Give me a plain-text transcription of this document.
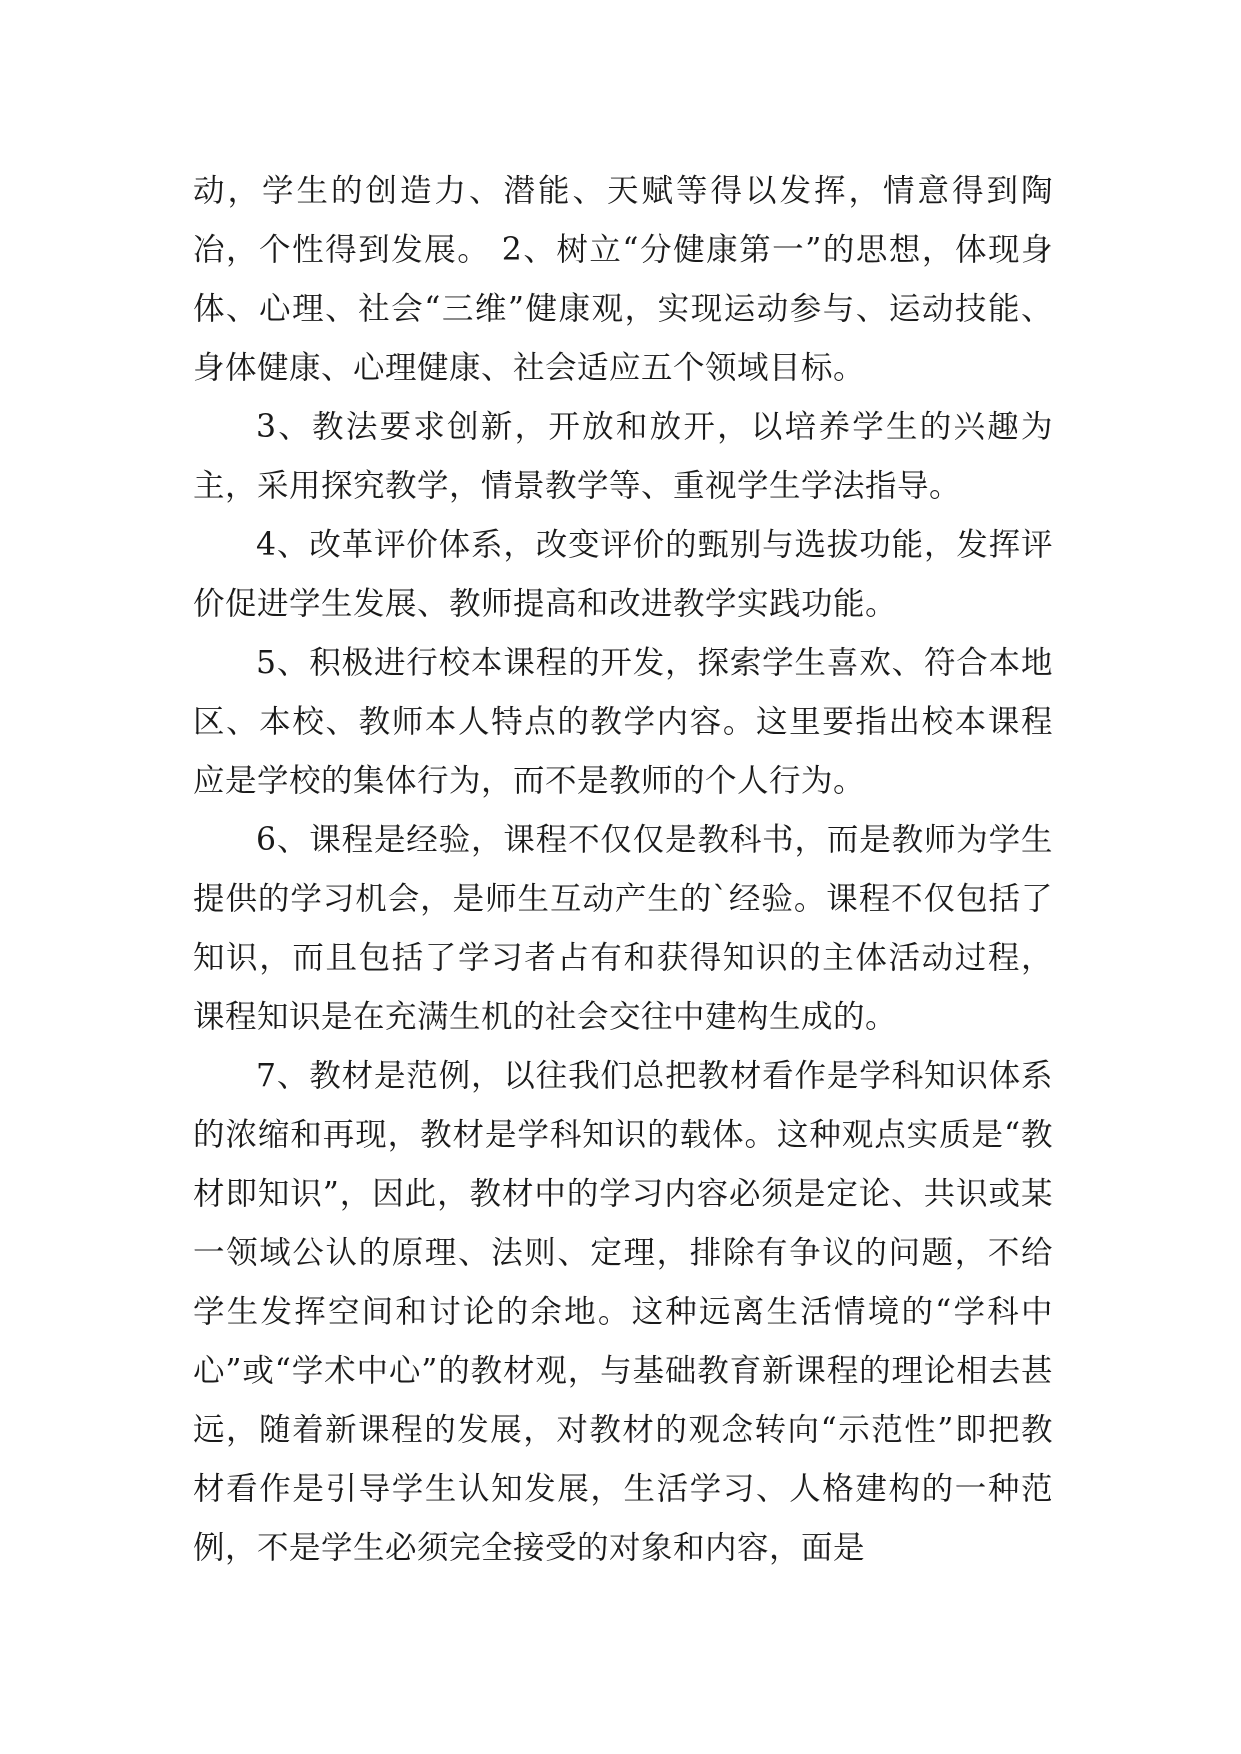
动，学生的创造力、潜能、天赋等得以发挥，情意得到陶冶，个性得到发展。 2、树立“分健康第一”的思想，体现身体、心理、社会“三维”健康观，实现运动参与、运动技能、身体健康、心理健康、社会适应五个领域目标。

3、教法要求创新，开放和放开，以培养学生的兴趣为主，采用探究教学，情景教学等、重视学生学法指导。

4、改革评价体系，改变评价的甄别与选拔功能，发挥评价促进学生发展、教师提高和改进教学实践功能。

5、积极进行校本课程的开发，探索学生喜欢、符合本地区、本校、教师本人特点的教学内容。这里要指出校本课程应是学校的集体行为，而不是教师的个人行为。

6、课程是经验，课程不仅仅是教科书，而是教师为学生提供的学习机会，是师生互动产生的`经验。课程不仅包括了知识，而且包括了学习者占有和获得知识的主体活动过程，课程知识是在充满生机的社会交往中建构生成的。

7、教材是范例，以往我们总把教材看作是学科知识体系的浓缩和再现，教材是学科知识的载体。这种观点实质是“教材即知识”，因此，教材中的学习内容必须是定论、共识或某一领域公认的原理、法则、定理，排除有争议的问题，不给学生发挥空间和讨论的余地。这种远离生活情境的“学科中心”或“学术中心”的教材观，与基础教育新课程的理论相去甚远，随着新课程的发展，对教材的观念转向“示范性”即把教材看作是引导学生认知发展，生活学习、人格建构的一种范例，不是学生必须完全接受的对象和内容，面是
